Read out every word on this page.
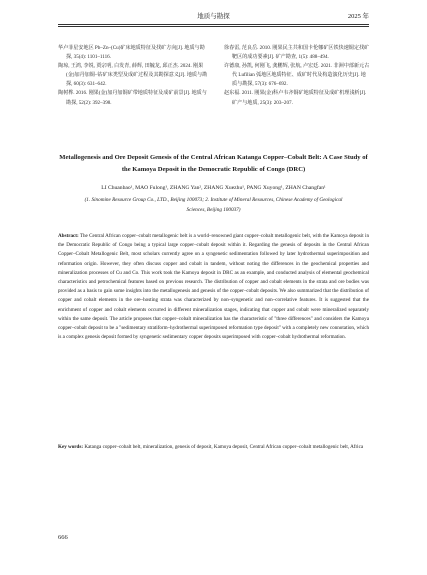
地质与勘探	2025 年
华卢菲星安地区 Pb–Zn–(Cu)矿床地质特征及找矿方向[J]. 地质与勘探, 35(4): 1101–1116.
陶琼, 王鸿, 李锐, 贾宗明, 白发青, 薛辉, 田毓龙, 邱正杰. 2024. 刚果(金)加丹加铜–钴矿床类型及成矿过程及其勘探意义[J]. 地质与勘探, 60(3): 631–642.
陶树桦. 2016. 刚果(金)加丹加铜矿带地质特征及成矿前景[J]. 地质与勘探, 52(2): 392–398.
徐春雷, 范良岳. 2010. 刚果民主共和国卡伦娜矿区铁快速铜定找矿靶区的成功要素[J]. 矿产勘查, 1(5): 488–494.
许德康, 孙凯, 何刚飞, 龚鹏辉, 张航, 卢宏廷. 2021. 非洲中部新元古代 Lufilian 弧地区地质特征、成矿时代及构造演化历史[J]. 地质与勘探, 57(3): 676–692.
赵东福. 2011. 刚果(金)科卢韦齐铜矿地质特征及成矿机理浅析[J]. 矿产与地质, 25(3): 203–207.
Metallogenesis and Ore Deposit Genesis of the Central African Katanga Copper–Cobalt Belt: A Case Study of the Kamoya Deposit in the Democratic Republic of Congo (DRC)
LI Chuanbao¹, MAO Fulong¹, ZHANG Yan², ZHANG Xuezhu¹, PANG Xuyong¹, ZHAN Changfan¹
(1. Sinomine Resource Group Co., LTD., Beijing 100073; 2. Institute of Mineral Resources, Chinese Academy of Geological Sciences, Beijing 100037)
Abstract: The Central African copper–cobalt metallogenic belt is a world–renowned giant copper–cobalt metallogenic belt, with the Kamoya deposit in the Democratic Republic of Congo being a typical large copper–cobalt deposit within it. Regarding the genesis of deposits in the Central African Copper–Cobalt Metallogenic Belt, most scholars currently agree on a syngenetic sedimentation followed by later hydrothermal superimposition and reformation origin. However, they often discuss copper and cobalt in tandem, without noting the differences in the geochemical properties and mineralization processes of Cu and Co. This work took the Kamoya deposit in DRC as an example, and conducted analysis of elemental geochemical characteristics and petrochemical features based on previous research. The distribution of copper and cobalt elements in the strata and ore bodies was provided as a basis to gain some insights into the metallogenesis and genesis of the copper–cobalt deposits. We also summarized that the distribution of copper and cobalt elements in the ore–hosting strata was characterized by non–syngenetic and non–correlative features. It is suggested that the enrichment of copper and cobalt elements occurred in different mineralization stages, indicating that copper and cobalt were mineralized separately within the same deposit. The article proposes that copper–cobalt mineralization has the characteristic of "three differences" and considers the Kamoya copper–cobalt deposit to be a "sedimentary stratiform–hydrothermal superimposed reformation type deposit" with a completely new connotation, which is a complex genesis deposit formed by syngenetic sedimentary copper deposits superimposed with copper–cobalt hydrothermal reformation.
Key words: Katanga copper–cobalt belt, mineralization, genesis of deposit, Kamoya deposit, Central African copper–cobalt metallogenic belt, Africa
666
